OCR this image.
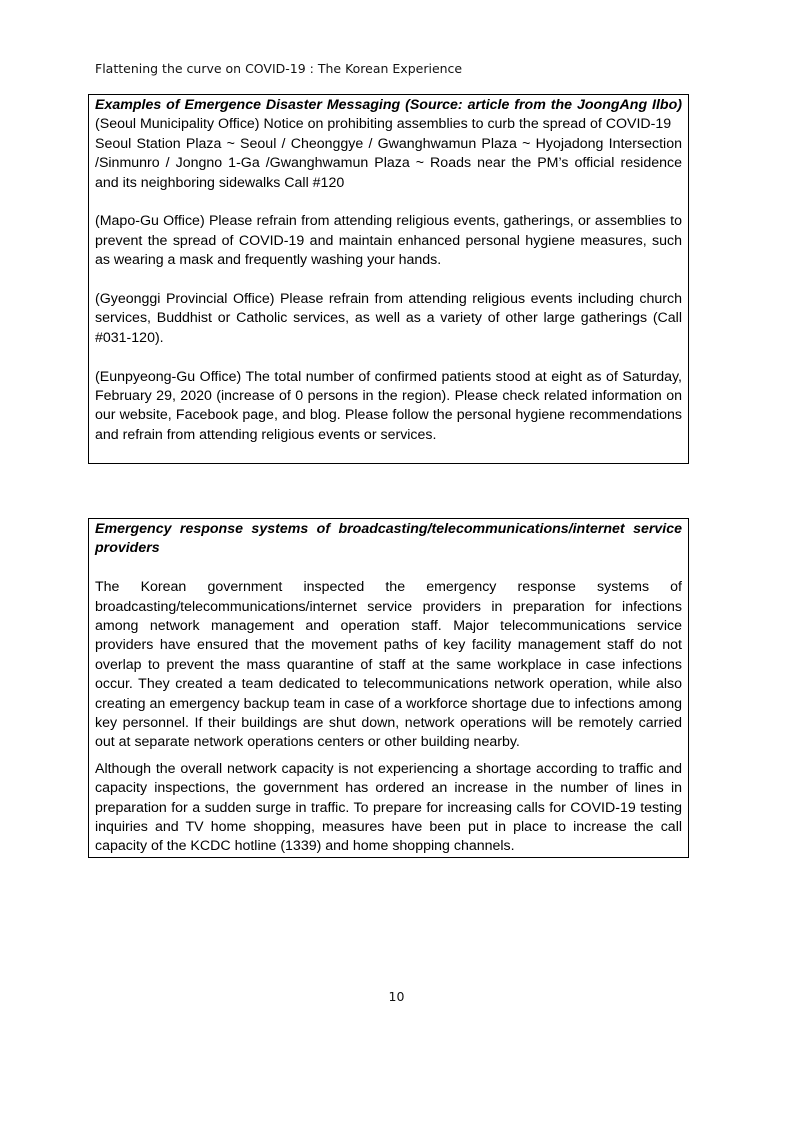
Flattening the curve on COVID-19 : The Korean Experience

Examples of Emergence Disaster Messaging (Source: article from the JoongAng Ilbo) (Seoul Municipality Office) Notice on prohibiting assemblies to curb the spread of COVID-19

Seoul Station Plaza ~ Seoul / Cheonggye / Gwanghwamun Plaza ~ Hyojadong Intersection /Sinmunro / Jongno 1-Ga /Gwanghwamun Plaza ~ Roads near the PM’s official residence and its neighboring sidewalks Call #120

(Mapo-Gu Office) Please refrain from attending religious events, gatherings, or assemblies to prevent the spread of COVID-19 and maintain enhanced personal hygiene measures, such as wearing a mask and frequently washing your hands.

(Gyeonggi Provincial Office) Please refrain from attending religious events including church services, Buddhist or Catholic services, as well as a variety of other large gatherings (Call #031-120).

(Eunpyeong-Gu Office) The total number of confirmed patients stood at eight as of Saturday, February 29, 2020 (increase of 0 persons in the region). Please check related information on our website, Facebook page, and blog. Please follow the personal hygiene recommendations and refrain from attending religious events or services.

Emergency response systems of broadcasting/telecommunications/internet service providers

The Korean government inspected the emergency response systems of broadcasting/telecommunications/internet service providers in preparation for infections among network management and operation staff. Major telecommunications service providers have ensured that the movement paths of key facility management staff do not overlap to prevent the mass quarantine of staff at the same workplace in case infections occur. They created a team dedicated to telecommunications network operation, while also creating an emergency backup team in case of a workforce shortage due to infections among key personnel. If their buildings are shut down, network operations will be remotely carried out at separate network operations centers or other building nearby.

Although the overall network capacity is not experiencing a shortage according to traffic and capacity inspections, the government has ordered an increase in the number of lines in preparation for a sudden surge in traffic. To prepare for increasing calls for COVID-19 testing inquiries and TV home shopping, measures have been put in place to increase the call capacity of the KCDC hotline (1339) and home shopping channels.

10
